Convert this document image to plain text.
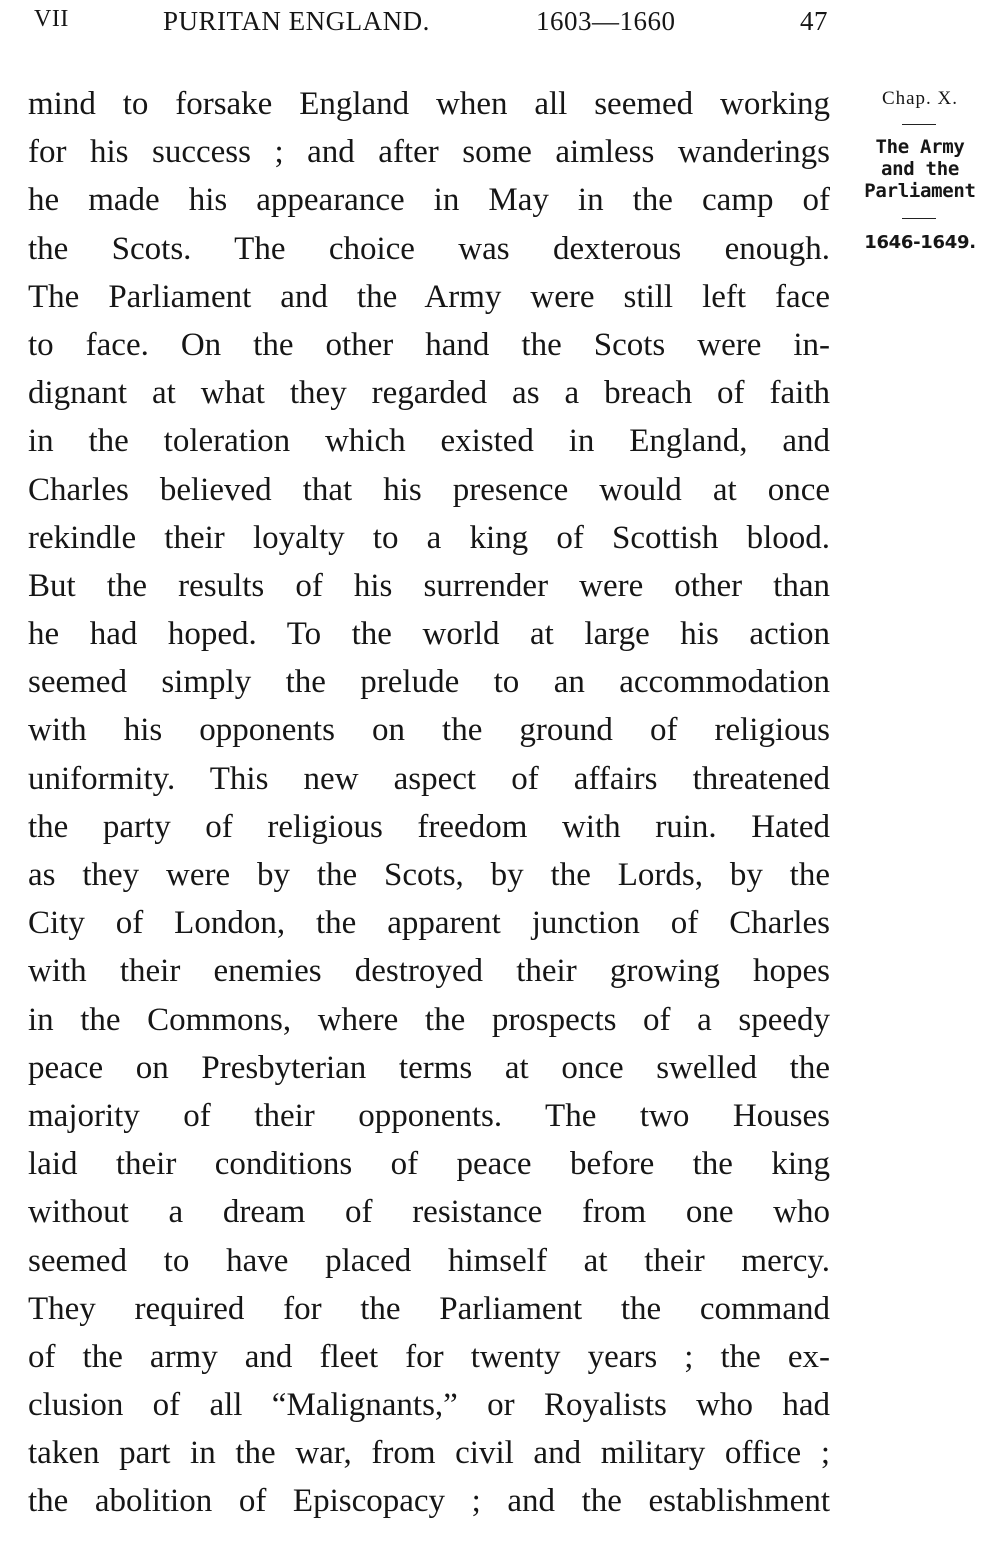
VII	PURITAN ENGLAND.	1603—1660	47
Chap. X.
The Army
and the
Parliament
1646-1649.
mind to forsake England when all seemed working
for his success ; and after some aimless wanderings
he made his appearance in May in the camp of
the Scots. The choice was dexterous enough.
The Parliament and the Army were still left face
to face. On the other hand the Scots were in-
dignant at what they regarded as a breach of faith
in the toleration which existed in England, and
Charles believed that his presence would at once
rekindle their loyalty to a king of Scottish blood.
But the results of his surrender were other than
he had hoped. To the world at large his action
seemed simply the prelude to an accommodation
with his opponents on the ground of religious
uniformity. This new aspect of affairs threatened
the party of religious freedom with ruin. Hated
as they were by the Scots, by the Lords, by the
City of London, the apparent junction of Charles
with their enemies destroyed their growing hopes
in the Commons, where the prospects of a speedy
peace on Presbyterian terms at once swelled the
majority of their opponents. The two Houses
laid their conditions of peace before the king
without a dream of resistance from one who
seemed to have placed himself at their mercy.
They required for the Parliament the command
of the army and fleet for twenty years ; the ex-
clusion of all “Malignants,” or Royalists who had
taken part in the war, from civil and military office ;
the abolition of Episcopacy ; and the establishment
